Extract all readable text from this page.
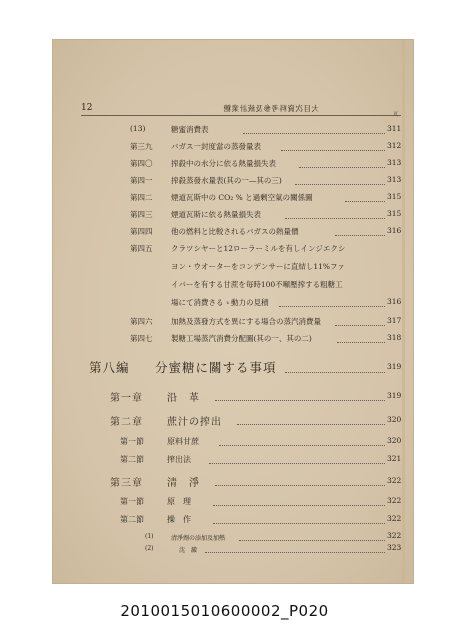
12	大目次資料考參及統計業糖
(13)	糖蜜消費表	311
第三九 バガス一封度當の蒸發量表	312
第四〇 搾殺中の水分に依る熱量損失表	313
第四一 搾殺蒸發水量表(其の一—其の三)	313
第四二 煙道瓦斯中の CO₂ % と過剰空氣の關係圖	315
第四三 煙道瓦斯に依る熱量損失表	315
第四四 他の燃料と比較されるバガスの熱量價	316
第四五 クラツシヤーと12ローラーミルを有しインジエクシ
ヨン・ウオーターをコンデンサーに直結し11%ファ
イバーを有する甘蔗を毎時100不噸壓搾する粗糖工
場にて消費さるゝ動力の見積	316
第四六 加熱及蒸發方式を異にする場合の蒸汽消費量	317
第四七 製糖工場蒸汽消費分配圖(其の一、其の二)	318
第八編 分蜜糖に關する事項	319
第一章 沿　革	319
第二章 蔗汁の搾出	320
第一節	原料甘蔗	320
第二節	搾出法	321
第三章 清　淨	322
第一節	原　理	322
第二節	操　作	322
(1)	清淨劑の添加及加熱	322
(2)	沈　澱	323
2010015010600002_P020
